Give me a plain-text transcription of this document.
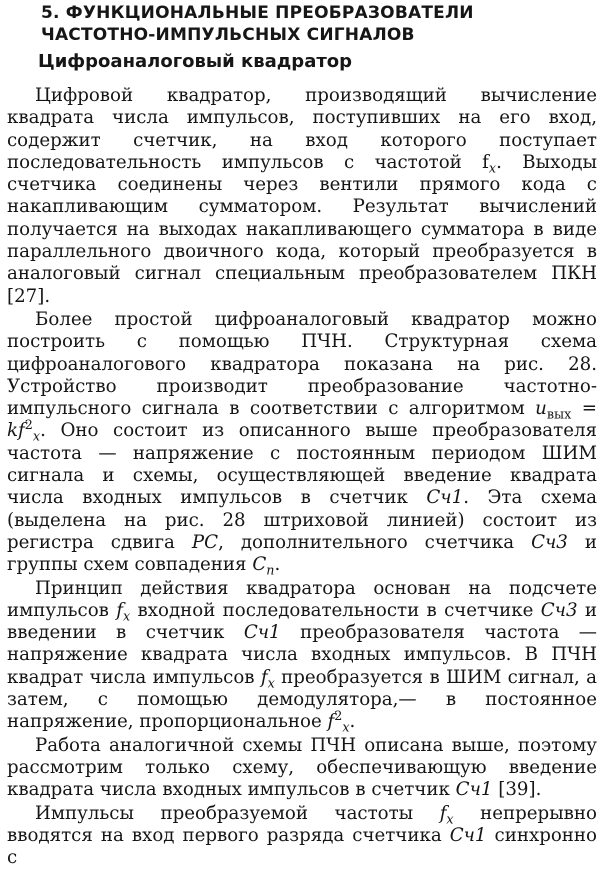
5. ФУНКЦИОНАЛЬНЫЕ ПРЕОБРАЗОВАТЕЛИ
ЧАСТОТНО-ИМПУЛЬСНЫХ СИГНАЛОВ
Цифроаналоговый квадратор

Цифровой квадратор, производящий вычисление квадрата числа импульсов, поступивших на его вход, содержит счетчик, на вход которого поступает последовательность импульсов с частотой $f_x$. Выходы счетчика соединены через вентили прямого кода с накапливающим сумматором. Результат вычислений получается на выходах накапливающего сумматора в виде параллельного двоичного кода, который преобразуется в аналоговый сигнал специальным преобразователем ПКН [27].

Более простой цифроаналоговый квадратор можно построить с помощью ПЧН. Структурная схема цифроаналогового квадратора показана на рис. 28. Устройство производит преобразование частотно-импульсного сигнала в соответствии с алгоритмом $u_{вых} = kf^2_x$. Оно состоит из описанного выше преобразователя частота — напряжение с постоянным периодом ШИМ сигнала и схемы, осуществляющей введение квадрата числа входных импульсов в счетчик Сч1. Эта схема (выделена на рис. 28 штриховой линией) состоит из регистра сдвига РС, дополнительного счетчика Сч3 и группы схем совпадения $С_n$.

Принцип действия квадратора основан на подсчете импульсов $f_x$ входной последовательности в счетчике Сч3 и введении в счетчик Сч1 преобразователя частота — напряжение квадрата числа входных импульсов. В ПЧН квадрат числа импульсов $f_x$ преобразуется в ШИМ сигнал, а затем, с помощью демодулятора,— в постоянное напряжение, пропорциональное $f^2_x$.

Работа аналогичной схемы ПЧН описана выше, поэтому рассмотрим только схему, обеспечивающую введение квадрата числа входных импульсов в счетчик Сч1 [39].

Импульсы преобразуемой частоты $f_x$ непрерывно вводятся на вход первого разряда счетчика Сч1 синхронно с
